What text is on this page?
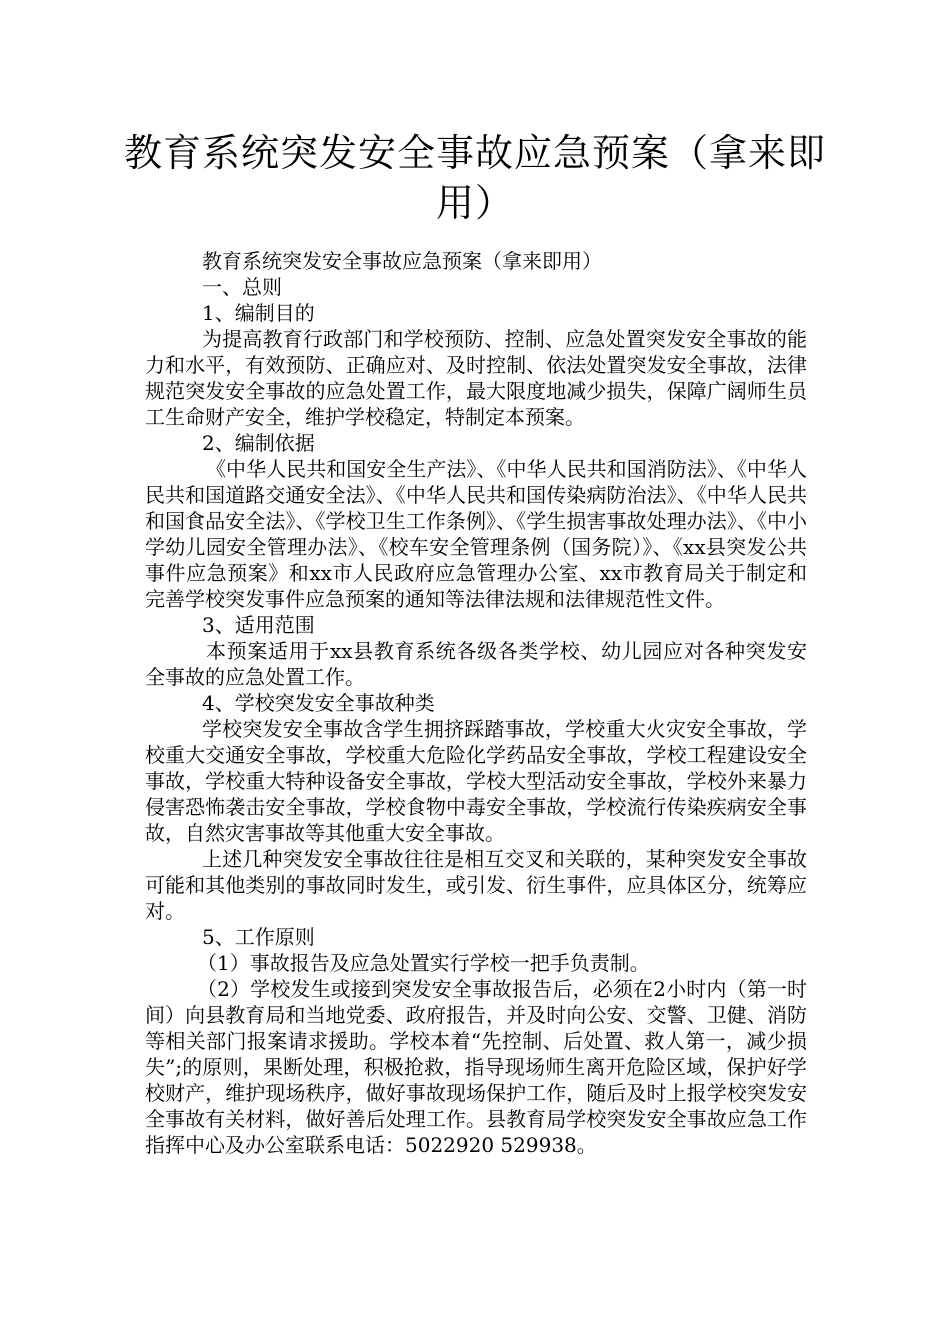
教育系统突发安全事故应急预案（拿来即用）

教育系统突发安全事故应急预案（拿来即用）

一、总则

1、编制目的

为提高教育行政部门和学校预防、控制、应急处置突发安全事故的能力和水平，有效预防、正确应对、及时控制、依法处置突发安全事故，法律规范突发安全事故的应急处置工作，最大限度地减少损失，保障广阔师生员工生命财产安全，维护学校稳定，特制定本预案。

2、编制依据

《中华人民共和国安全生产法》、《中华人民共和国消防法》、《中华人民共和国道路交通安全法》、《中华人民共和国传染病防治法》、《中华人民共和国食品安全法》、《学校卫生工作条例》、《学生损害事故处理办法》、《中小学幼儿园安全管理办法》、《校车安全管理条例（国务院）》、《xx县突发公共事件应急预案》和xx市人民政府应急管理办公室、xx市教育局关于制定和完善学校突发事件应急预案的通知等法律法规和法律规范性文件。

3、适用范围

本预案适用于xx县教育系统各级各类学校、幼儿园应对各种突发安全事故的应急处置工作。

4、学校突发安全事故种类

学校突发安全事故含学生拥挤踩踏事故，学校重大火灾安全事故，学校重大交通安全事故，学校重大危险化学药品安全事故，学校工程建设安全事故，学校重大特种设备安全事故，学校大型活动安全事故，学校外来暴力侵害恐怖袭击安全事故，学校食物中毒安全事故，学校流行传染疾病安全事故，自然灾害事故等其他重大安全事故。

上述几种突发安全事故往往是相互交叉和关联的，某种突发安全事故可能和其他类别的事故同时发生，或引发、衍生事件，应具体区分，统筹应对。

5、工作原则

（1）事故报告及应急处置实行学校一把手负责制。

（2）学校发生或接到突发安全事故报告后，必须在2小时内（第一时间）向县教育局和当地党委、政府报告，并及时向公安、交警、卫健、消防等相关部门报案请求援助。学校本着“先控制、后处置、救人第一，减少损失”;的原则，果断处理，积极抢救，指导现场师生离开危险区域，保护好学校财产，维护现场秩序，做好事故现场保护工作，随后及时上报学校突发安全事故有关材料，做好善后处理工作。县教育局学校突发安全事故应急工作指挥中心及办公室联系电话：5022920 529938。
